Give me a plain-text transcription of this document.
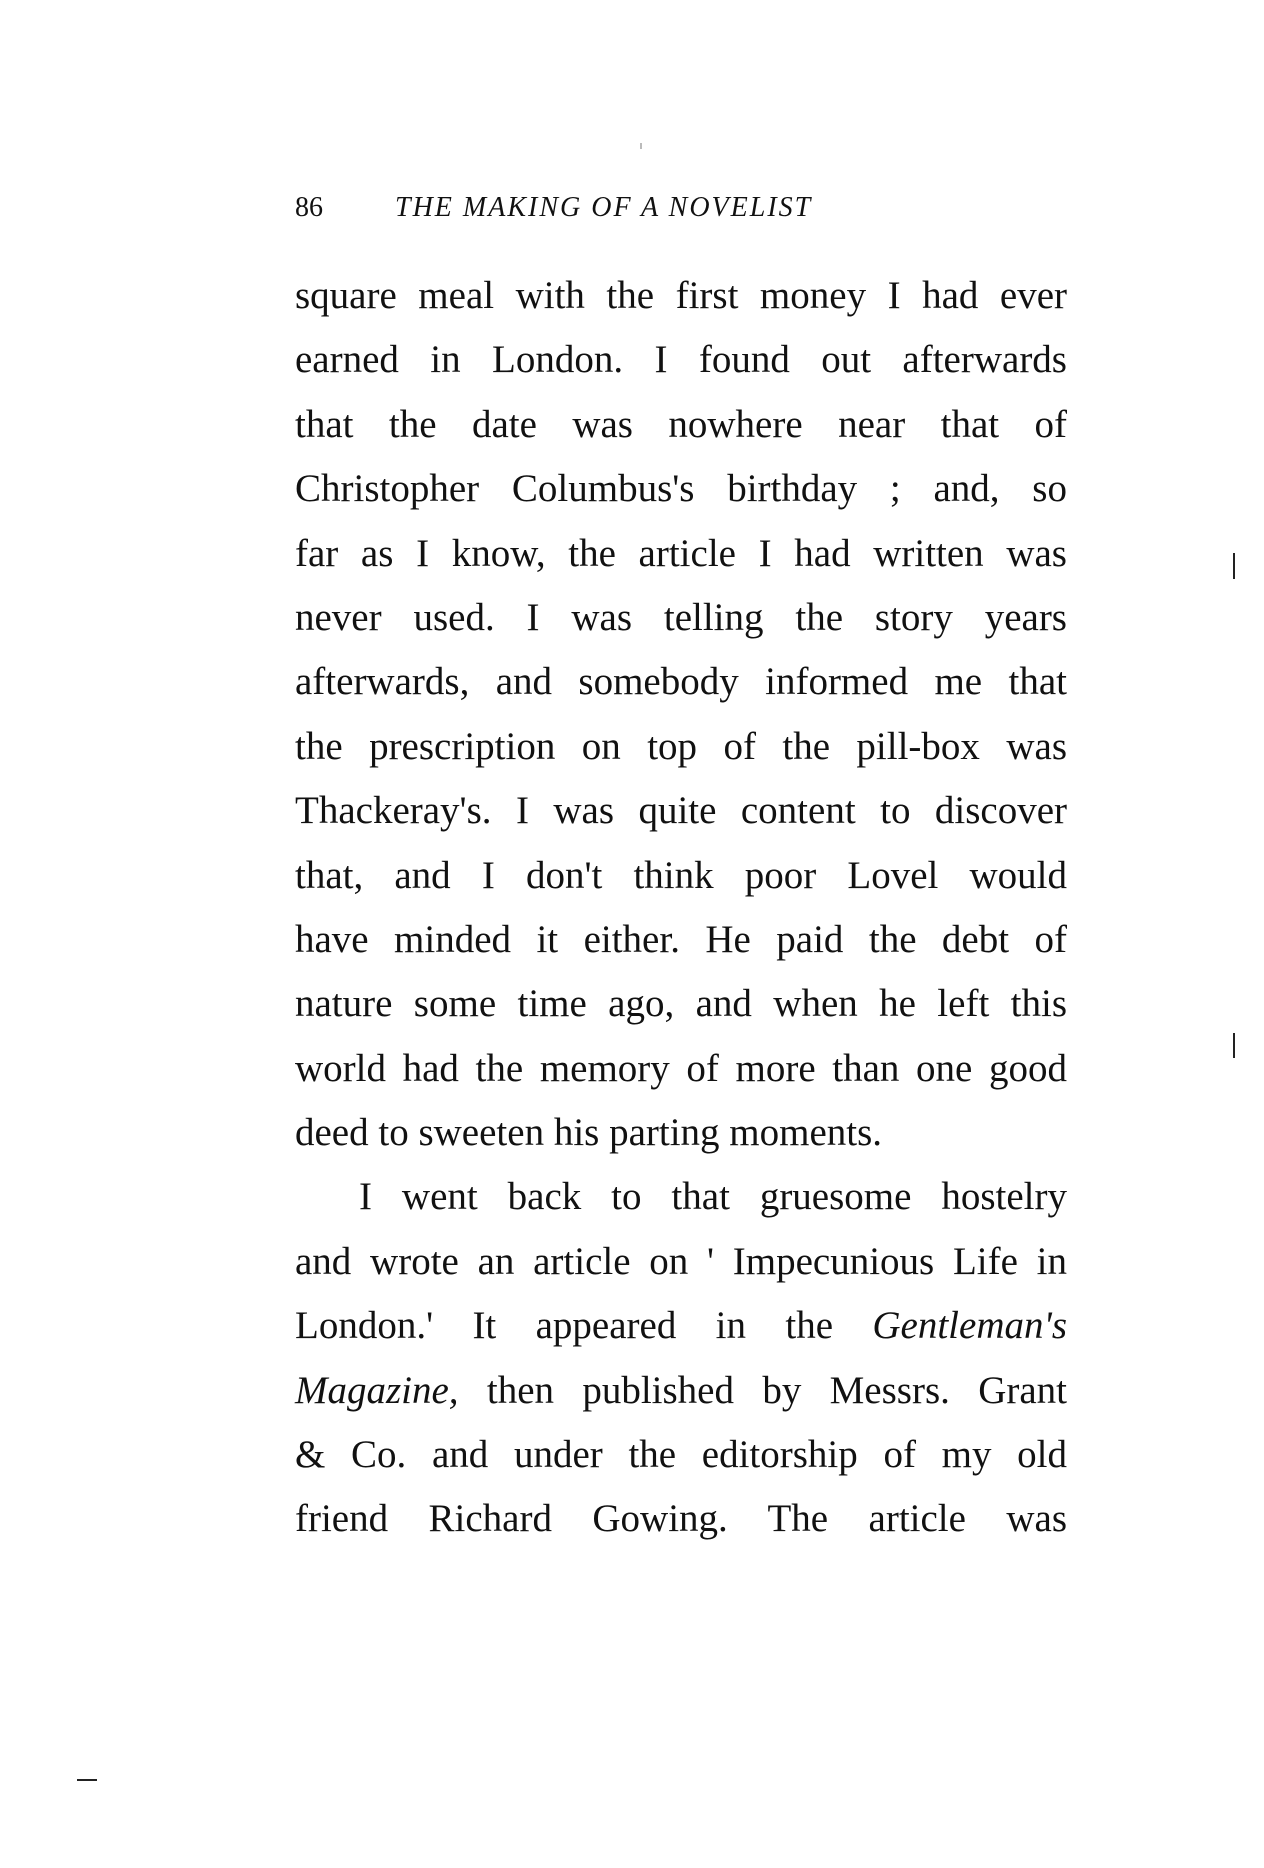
86	THE MAKING OF A NOVELIST
square meal with the first money I had ever
earned in London. I found out afterwards
that the date was nowhere near that of
Christopher Columbus's birthday ; and, so
far as I know, the article I had written was
never used. I was telling the story years
afterwards, and somebody informed me that
the prescription on top of the pill-box was
Thackeray's. I was quite content to discover
that, and I don't think poor Lovel would
have minded it either. He paid the debt of
nature some time ago, and when he left this
world had the memory of more than one good
deed to sweeten his parting moments.
I went back to that gruesome hostelry
and wrote an article on ' Impecunious Life in
London.' It appeared in the Gentleman's
Magazine, then published by Messrs. Grant
& Co. and under the editorship of my old
friend Richard Gowing. The article was
